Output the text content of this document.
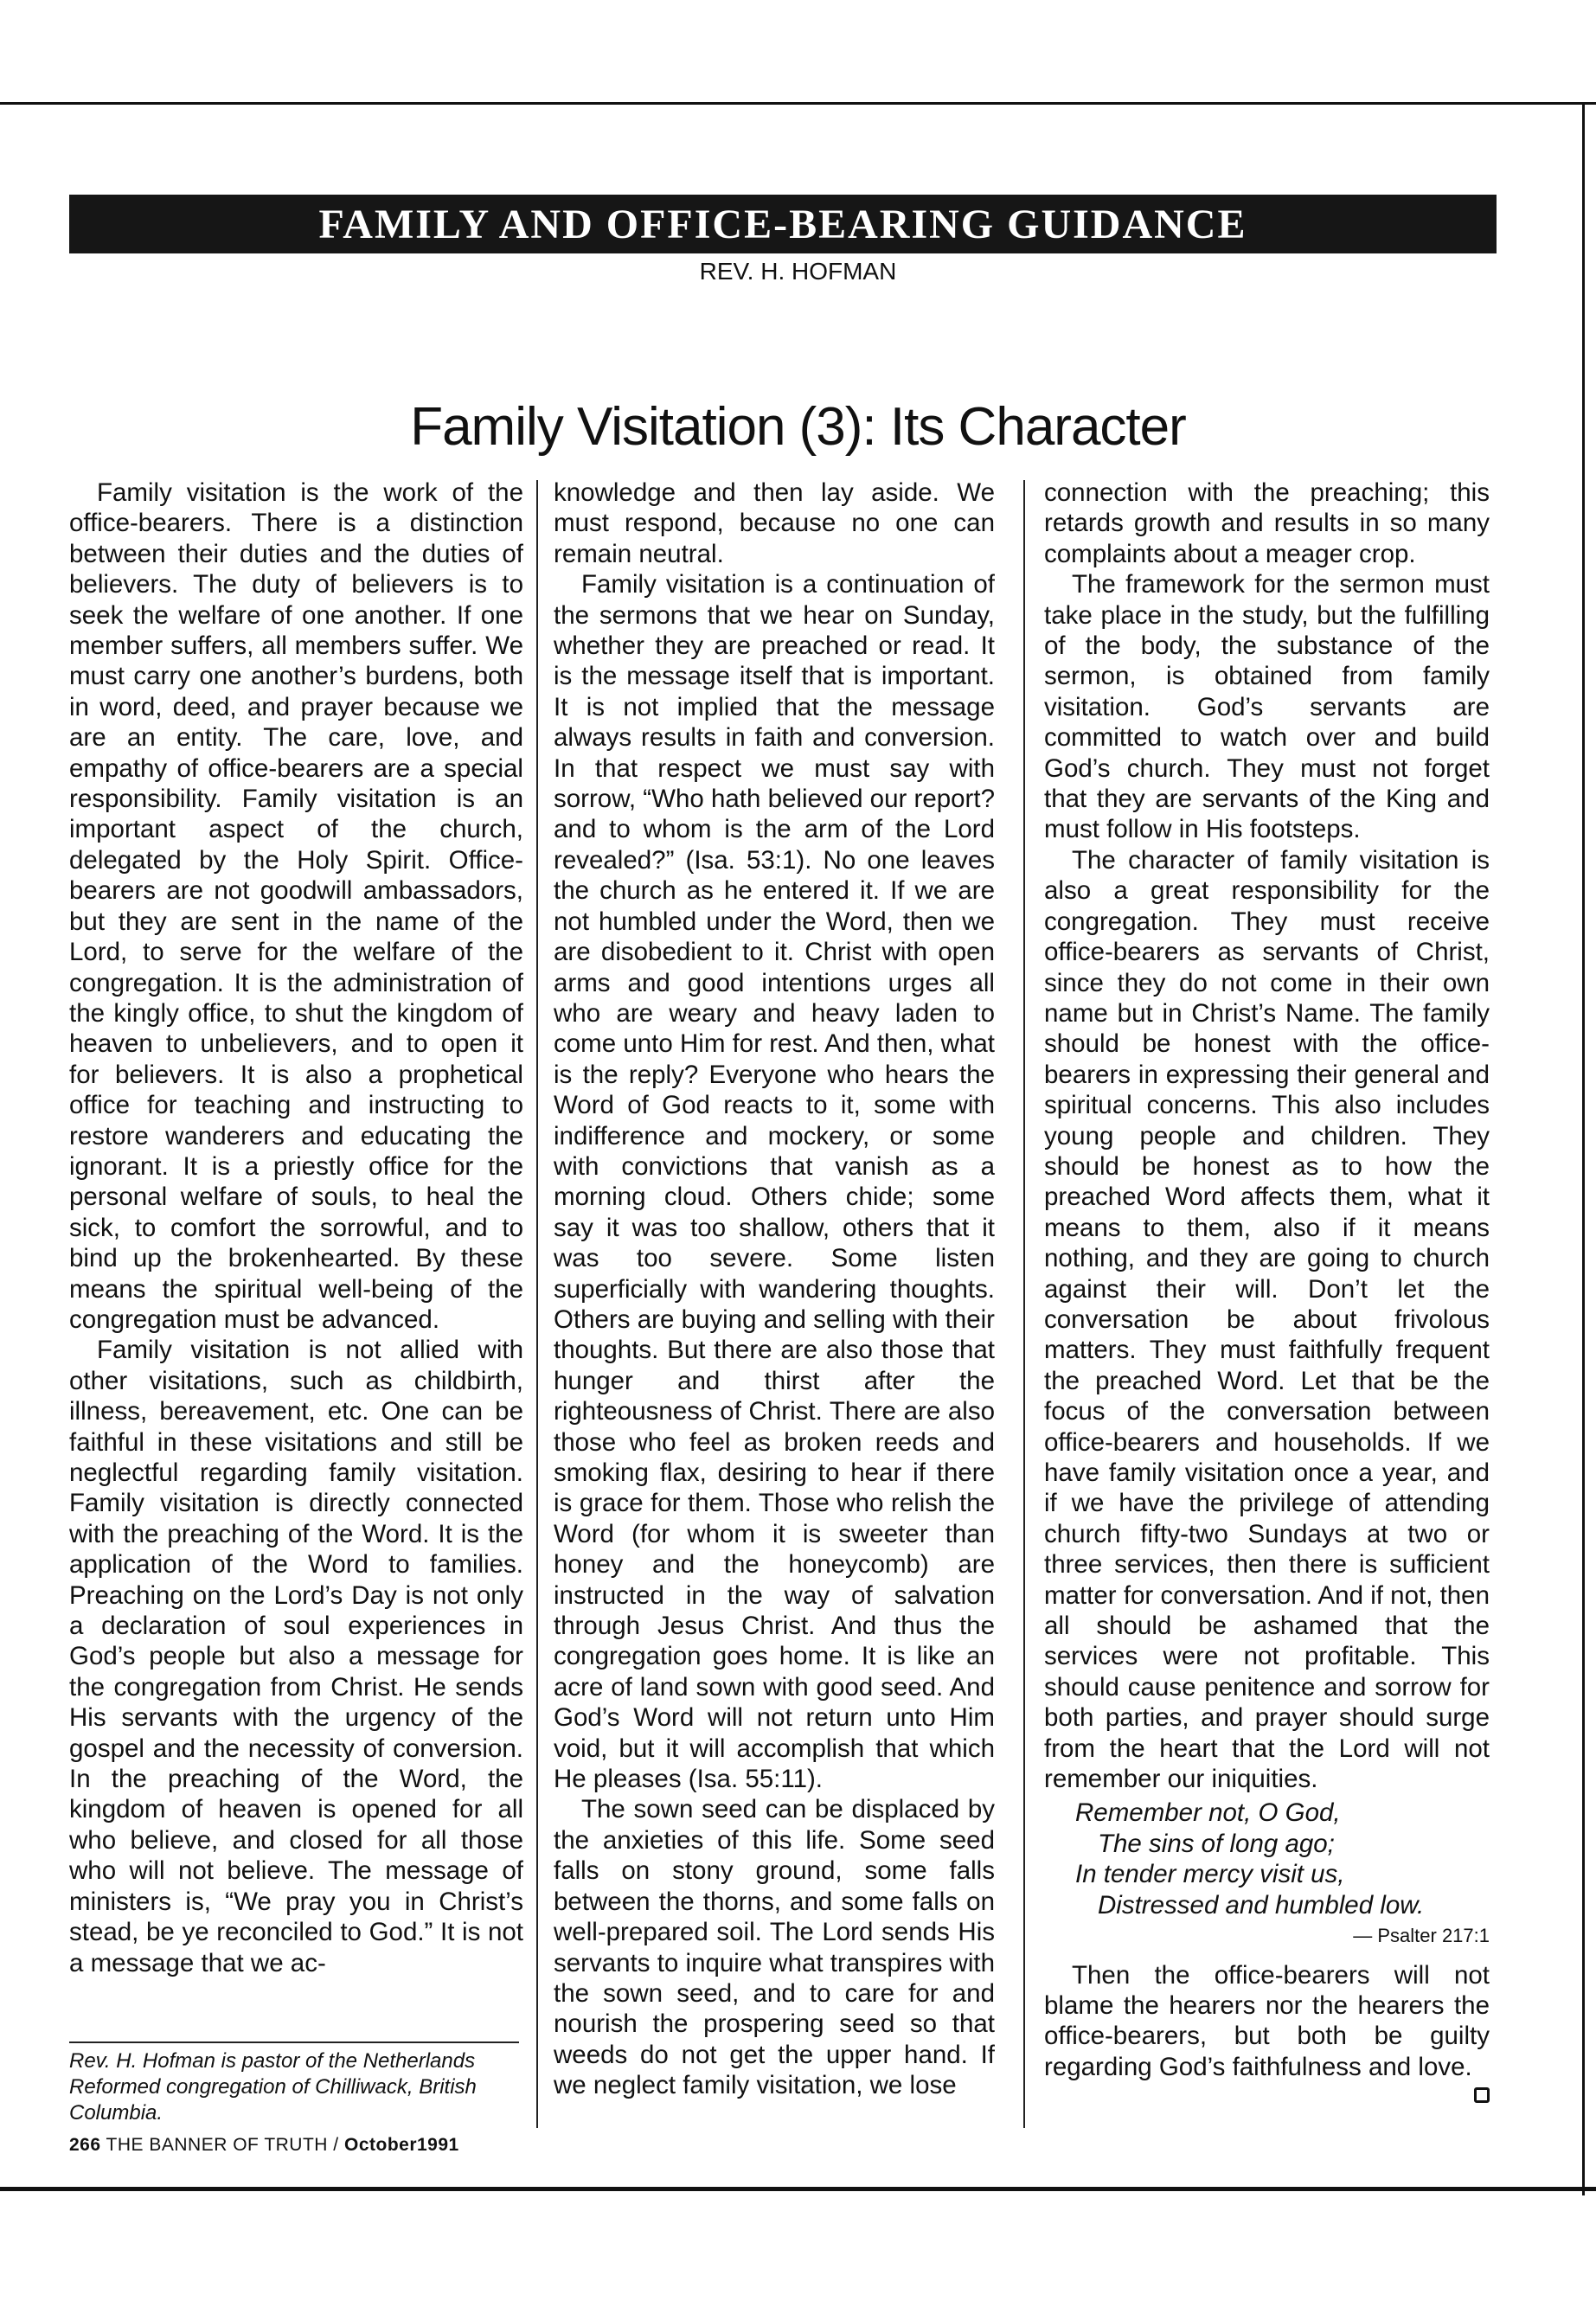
FAMILY AND OFFICE-BEARING GUIDANCE
REV. H. HOFMAN
Family Visitation (3): Its Character

Family visitation is the work of the office-bearers. There is a distinction between their duties and the duties of believers. The duty of believers is to seek the welfare of one another. If one member suffers, all members suffer. We must carry one another’s burdens, both in word, deed, and prayer because we are an entity. The care, love, and empathy of office-bearers are a special responsibility. Family visitation is an important aspect of the church, delegated by the Holy Spirit. Office-bearers are not goodwill ambassadors, but they are sent in the name of the Lord, to serve for the welfare of the congregation. It is the administration of the kingly office, to shut the kingdom of heaven to unbelievers, and to open it for believers. It is also a prophetical office for teaching and instructing to restore wanderers and educating the ignorant. It is a priestly office for the personal welfare of souls, to heal the sick, to comfort the sorrowful, and to bind up the brokenhearted. By these means the spiritual well-being of the congregation must be advanced.

Family visitation is not allied with other visitations, such as childbirth, illness, bereavement, etc. One can be faithful in these visitations and still be neglectful regarding family visitation. Family visitation is directly connected with the preaching of the Word. It is the application of the Word to families. Preaching on the Lord’s Day is not only a declaration of soul experiences in God’s people but also a message for the congregation from Christ. He sends His servants with the urgency of the gospel and the necessity of conversion. In the preaching of the Word, the kingdom of heaven is opened for all who believe, and closed for all those who will not believe. The message of ministers is, “We pray you in Christ’s stead, be ye reconciled to God.” It is not a message that we ac-

knowledge and then lay aside. We must respond, because no one can remain neutral.

Family visitation is a continuation of the sermons that we hear on Sunday, whether they are preached or read. It is the message itself that is important. It is not implied that the message always results in faith and conversion. In that respect we must say with sorrow, “Who hath believed our report? and to whom is the arm of the Lord revealed?” (Isa. 53:1). No one leaves the church as he entered it. If we are not humbled under the Word, then we are disobedient to it. Christ with open arms and good intentions urges all who are weary and heavy laden to come unto Him for rest. And then, what is the reply? Everyone who hears the Word of God reacts to it, some with indifference and mockery, or some with convictions that vanish as a morning cloud. Others chide; some say it was too shallow, others that it was too severe. Some listen superficially with wandering thoughts. Others are buying and selling with their thoughts. But there are also those that hunger and thirst after the righteousness of Christ. There are also those who feel as broken reeds and smoking flax, desiring to hear if there is grace for them. Those who relish the Word (for whom it is sweeter than honey and the honeycomb) are instructed in the way of salvation through Jesus Christ. And thus the congregation goes home. It is like an acre of land sown with good seed. And God’s Word will not return unto Him void, but it will accomplish that which He pleases (Isa. 55:11).

The sown seed can be displaced by the anxieties of this life. Some seed falls on stony ground, some falls between the thorns, and some falls on well-prepared soil. The Lord sends His servants to inquire what transpires with the sown seed, and to care for and nourish the prospering seed so that weeds do not get the upper hand. If we neglect family visitation, we lose

connection with the preaching; this retards growth and results in so many complaints about a meager crop.

The framework for the sermon must take place in the study, but the fulfilling of the body, the substance of the sermon, is obtained from family visitation. God’s servants are committed to watch over and build God’s church. They must not forget that they are servants of the King and must follow in His footsteps.

The character of family visitation is also a great responsibility for the congregation. They must receive office-bearers as servants of Christ, since they do not come in their own name but in Christ’s Name. The family should be honest with the office-bearers in expressing their general and spiritual concerns. This also includes young people and children. They should be honest as to how the preached Word affects them, what it means to them, also if it means nothing, and they are going to church against their will. Don’t let the conversation be about frivolous matters. They must faithfully frequent the preached Word. Let that be the focus of the conversation between office-bearers and households. If we have family visitation once a year, and if we have the privilege of attending church fifty-two Sundays at two or three services, then there is sufficient matter for conversation. And if not, then all should be ashamed that the services were not profitable. This should cause penitence and sorrow for both parties, and prayer should surge from the heart that the Lord will not remember our iniquities.

Remember not, O God,
The sins of long ago;
In tender mercy visit us,
Distressed and humbled low.
— Psalter 217:1

Then the office-bearers will not blame the hearers nor the hearers the office-bearers, but both be guilty regarding God’s faithfulness and love.

Rev. H. Hofman is pastor of the Netherlands Reformed congregation of Chilliwack, British Columbia.
266 THE BANNER OF TRUTH / October1991
